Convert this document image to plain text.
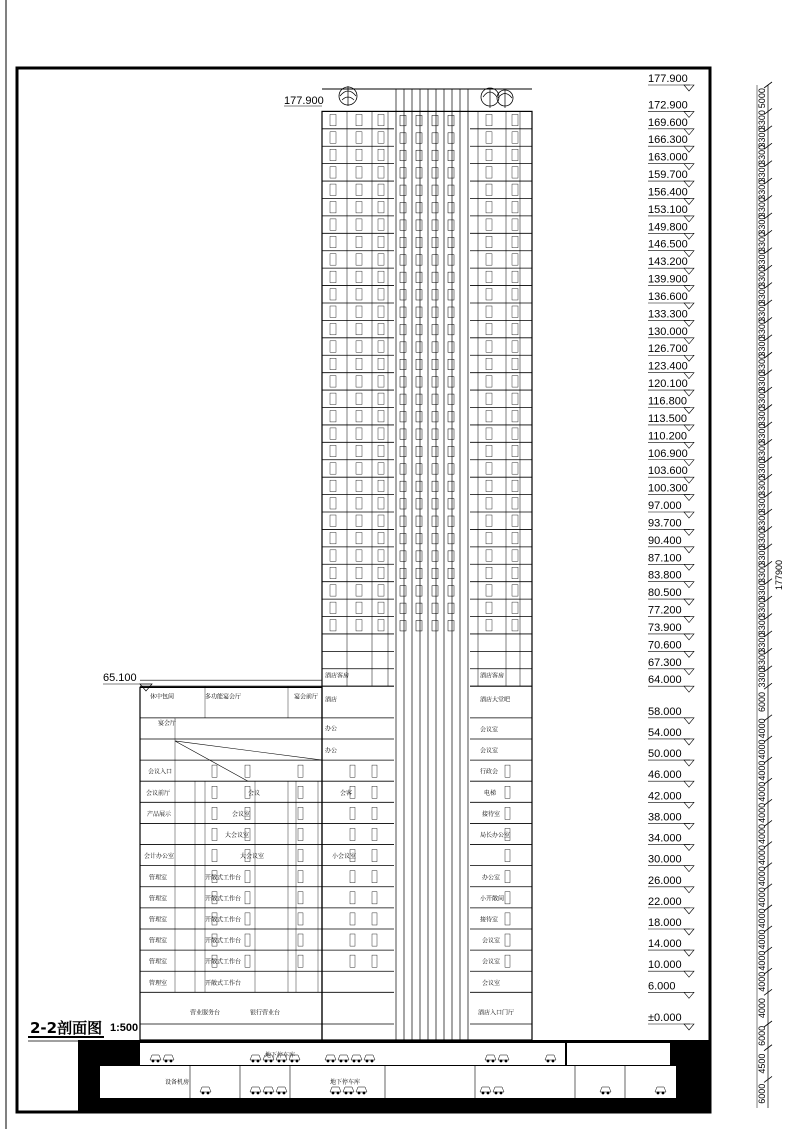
休中包间	多功能宴会厅	宴会前厅
宴会厅
会议入口
会议前厅	会议	会客
产品展示	会议室
大会议室
会计办公室	大会议室	小会议室
管理室	开敞式工作台
管理室	开敞式工作台
管理室	开敞式工作台
管理室	开敞式工作台
管理室	开敞式工作台
管理室	开敞式工作台
营业服务台	银行营业台
地下停车库
设备机房	地下停车库
酒店客房	酒店客房
酒店	酒店大堂吧
办公	会议室
办公	会议室
行政会
电梯
接待室
局长办公室
办公室
小开敞间
接待室
会议室
会议室
会议室
酒店入口门厅
177.900
172.900
169.600
166.300
163.000
159.700
156.400
153.100
149.800
146.500
143.200
139.900
136.600
133.300
130.000
126.700
123.400
120.100
116.800
113.500
110.200
106.900
103.600
100.300
97.000
93.700
90.400
87.100
83.800
80.500
77.200
73.900
70.600
67.300
64.000
58.000
54.000
50.000
46.000
42.000
38.000
34.000
30.000
26.000
22.000
18.000
14.000
10.000
6.000
±0.000
5000
3300
3300
3300
3300
3300
3300
3300
3300
3300
3300
3300
3300
3300
3300
3300
3300
3300
3300
3300
3300
3300
3300
3300
3300
3300
3300
3300
3300
3300
3300
3300
3300
3300
6000
4000
4000
4000
4000
4000
4000
4000
4000
4000
4000
4000
4000
4000
4000
6000
4500
6000
177.900
65.100
177900
2-2剖面图 1:500
